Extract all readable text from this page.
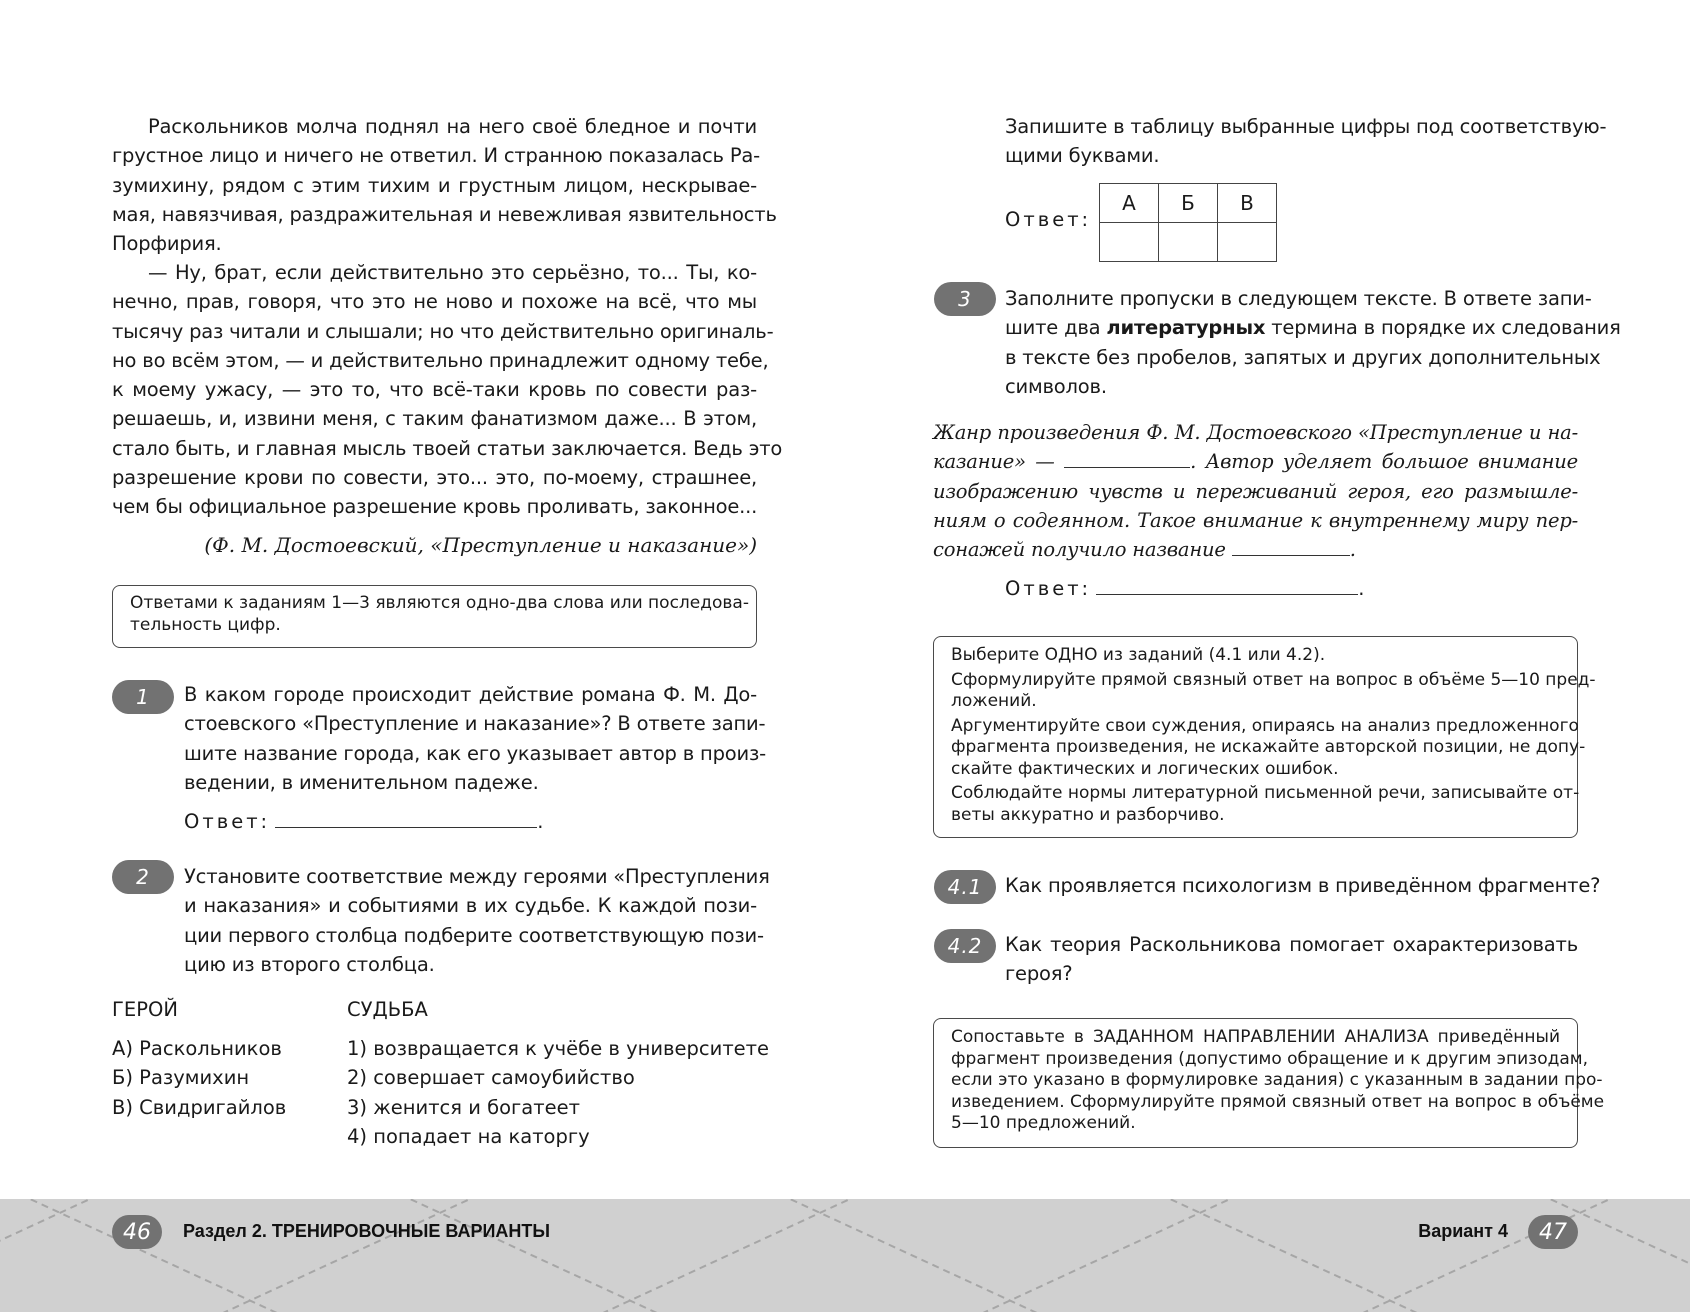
Раскольников молча поднял на него своё бледное и почти
грустное лицо и ничего не ответил. И странною показалась Ра-
зумихину, рядом с этим тихим и грустным лицом, нескрывае-
мая, навязчивая, раздражительная и невежливая язвительность
Порфирия.
— Ну, брат, если действительно это серьёзно, то... Ты, ко-
нечно, прав, говоря, что это не ново и похоже на всё, что мы
тысячу раз читали и слышали; но что действительно оригиналь-
но во всём этом, — и действительно принадлежит одному тебе,
к моему ужасу, — это то, что всё-таки кровь по совести раз-
решаешь, и, извини меня, с таким фанатизмом даже... В этом,
стало быть, и главная мысль твоей статьи заключается. Ведь это
разрешение крови по совести, это... это, по-моему, страшнее,
чем бы официальное разрешение кровь проливать, законное...
(Ф. М. Достоевский, «Преступление и наказание»)
Ответами к заданиям 1—3 являются одно-два слова или последова-
тельность цифр.
1	В каком городе происходит действие романа Ф. М. До-
стоевского «Преступление и наказание»? В ответе запи-
шите название города, как его указывает автор в произ-
ведении, в именительном падеже.
Ответ:	.
2	Установите соответствие между героями «Преступления
и наказания» и событиями в их судьбе. К каждой пози-
ции первого столбца подберите соответствующую пози-
цию из второго столбца.
ГЕРОЙ	СУДЬБА
А) Раскольников
Б) Разумихин
В) Свидригайлов
1) возвращается к учёбе в университете
2) совершает самоубийство
3) женится и богатеет
4) попадает на каторгу
Запишите в таблицу выбранные цифры под соответствую-
щими буквами.
Ответ:
А	Б	В

3	Заполните пропуски в следующем тексте. В ответе запи-
шите два литературных термина в порядке их следования
в тексте без пробелов, запятых и других дополнительных
символов.
Жанр произведения Ф. М. Достоевского «Преступление и на-
казание» —	. Автор уделяет большое внимание
изображению чувств и переживаний героя, его размышле-
ниям о содеянном. Такое внимание к внутреннему миру пер-
сонажей получило название	.
Ответ:	.
Выберите ОДНО из заданий (4.1 или 4.2).
Сформулируйте прямой связный ответ на вопрос в объёме 5—10 пред-
ложений.
Аргументируйте свои суждения, опираясь на анализ предложенного
фрагмента произведения, не искажайте авторской позиции, не допу-
скайте фактических и логических ошибок.
Соблюдайте нормы литературной письменной речи, записывайте от-
веты аккуратно и разборчиво.
4.1	Как проявляется психологизм в приведённом фрагменте?
4.2	Как теория Раскольникова помогает охарактеризовать
героя?
Сопоставьте в ЗАДАННОМ НАПРАВЛЕНИИ АНАЛИЗА приведённый
фрагмент произведения (допустимо обращение и к другим эпизодам,
если это указано в формулировке задания) с указанным в задании про-
изведением. Сформулируйте прямой связный ответ на вопрос в объёме
5—10 предложений.
46	Раздел 2. ТРЕНИРОВОЧНЫЕ ВАРИАНТЫ	Вариант 4	47
